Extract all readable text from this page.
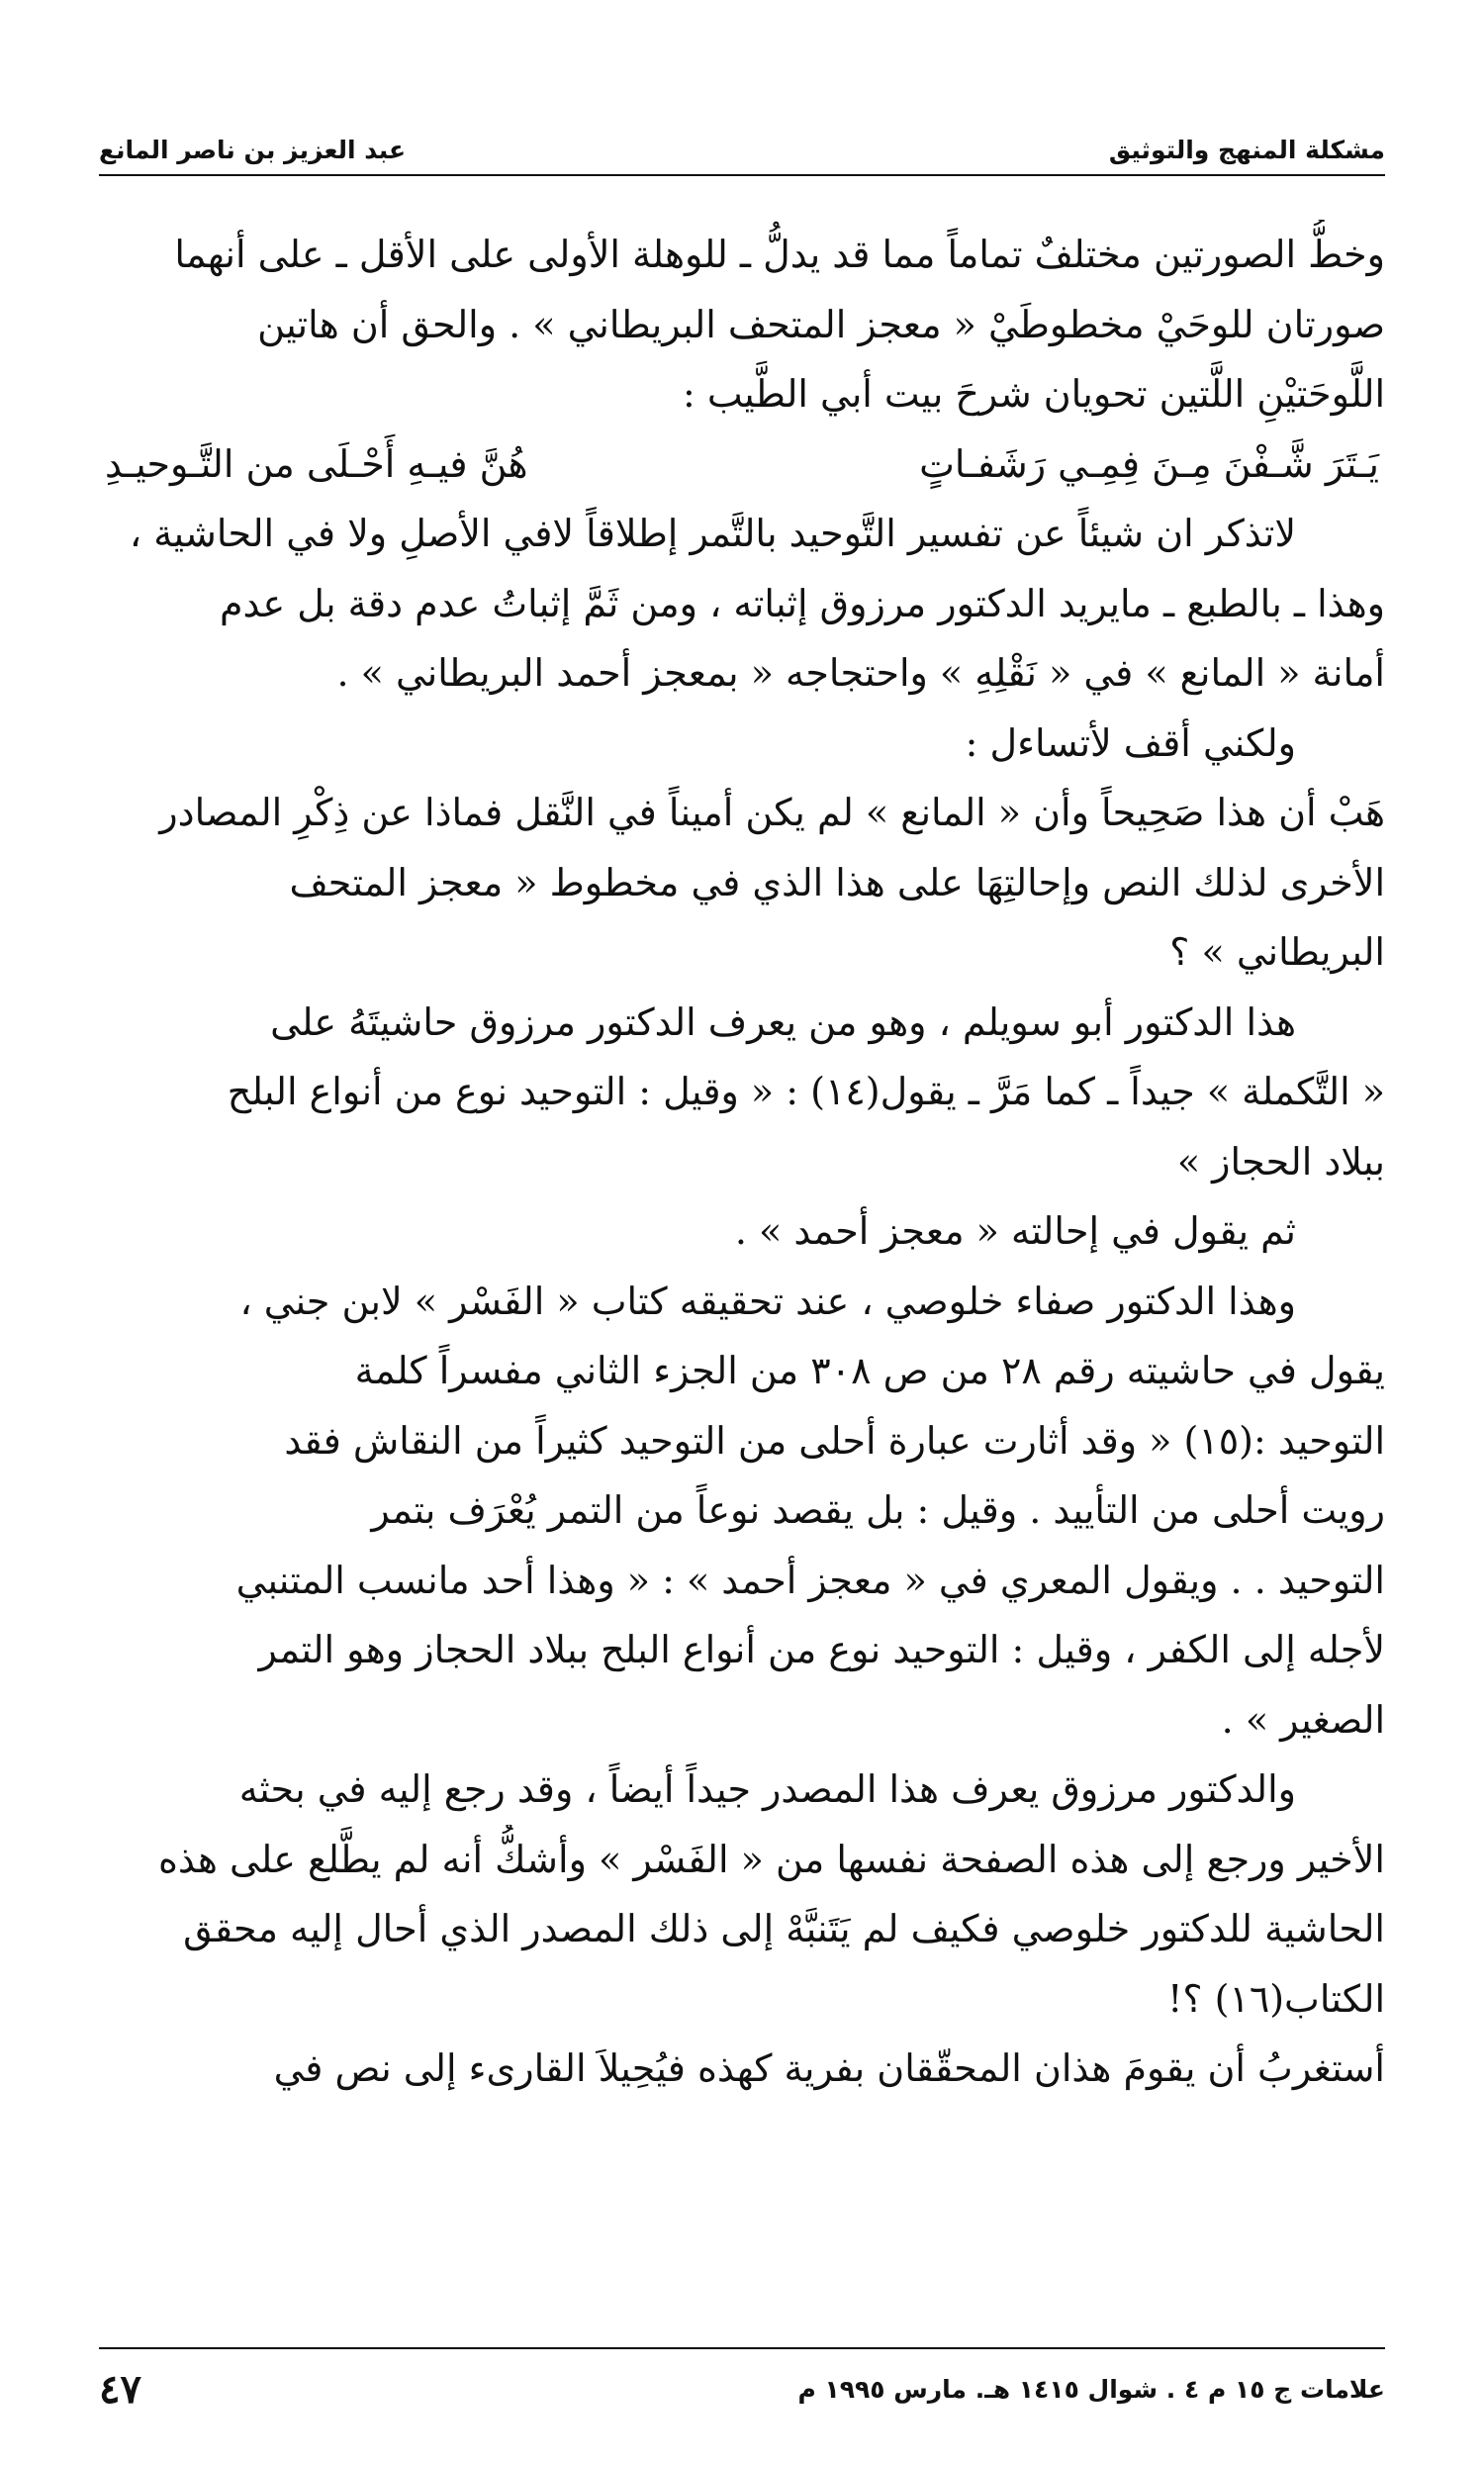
مشكلة المنهج والتوثيق
عبد العزيز بن ناصر المانع
وخطُّ الصورتين مختلفٌ تماماً مما قد يدلُّ ـ للوهلة الأولى على الأقل ـ على أنهما
صورتان للوحَيْ مخطوطَيْ « معجز المتحف البريطاني » . والحق أن هاتين
اللَّوحَتيْنِ اللَّتين تحويان شرحَ بيت أبي الطَّيب :
يَـتَرَ شَّـفْنَ مِـنَ فِمِـي رَشَفـاتٍ
هُنَّ فيـهِ أَحْـلَى من التَّـوحيـدِ
لاتذكر ان شيئاً عن تفسير التَّوحيد بالتَّمر إطلاقاً لافي الأصلِ ولا في الحاشية ،
وهذا ـ بالطبع ـ مايريد الدكتور مرزوق إثباته ، ومن ثَمَّ إثباتُ عدم دقة بل عدم
أمانة « المانع » في « نَقْلِهِ » واحتجاجه « بمعجز أحمد البريطاني » .
ولكني أقف لأتساءل :
هَبْ أن هذا صَحِيحاً وأن « المانع » لم يكن أميناً في النَّقل فماذا عن ذِكْرِ المصادر
الأخرى لذلك النص وإحالتِهَا على هذا الذي في مخطوط « معجز المتحف
البريطاني » ؟
هذا الدكتور أبو سويلم ، وهو من يعرف الدكتور مرزوق حاشيتَهُ على
« التَّكملة » جيداً ـ كما مَرَّ ـ يقول(١٤) : « وقيل : التوحيد نوع من أنواع البلح
ببلاد الحجاز »
ثم يقول في إحالته « معجز أحمد » .
وهذا الدكتور صفاء خلوصي ، عند تحقيقه كتاب « الفَسْر » لابن جني ،
يقول في حاشيته رقم ٢٨ من ص ٣٠٨ من الجزء الثاني مفسراً كلمة
التوحيد :(١٥) « وقد أثارت عبارة أحلى من التوحيد كثيراً من النقاش فقد
رويت أحلى من التأييد . وقيل : بل يقصد نوعاً من التمر يُعْرَف بتمر
التوحيد . . ويقول المعري في « معجز أحمد » : « وهذا أحد مانسب المتنبي
لأجله إلى الكفر ، وقيل : التوحيد نوع من أنواع البلح ببلاد الحجاز وهو التمر
الصغير » .
والدكتور مرزوق يعرف هذا المصدر جيداً أيضاً ، وقد رجع إليه في بحثه
الأخير ورجع إلى هذه الصفحة نفسها من « الفَسْر » وأشكُّ أنه لم يطَّلع على هذه
الحاشية للدكتور خلوصي فكيف لم يَتَنبَّهْ إلى ذلك المصدر الذي أحال إليه محقق
الكتاب(١٦) ؟!
أستغربُ أن يقومَ هذان المحقّقان بفرية كهذه فيُحِيلاَ القارىء إلى نص في
علامات ج ١٥ م ٤ . شوال ١٤١٥ هـ. مارس ١٩٩٥ م
٤٧
